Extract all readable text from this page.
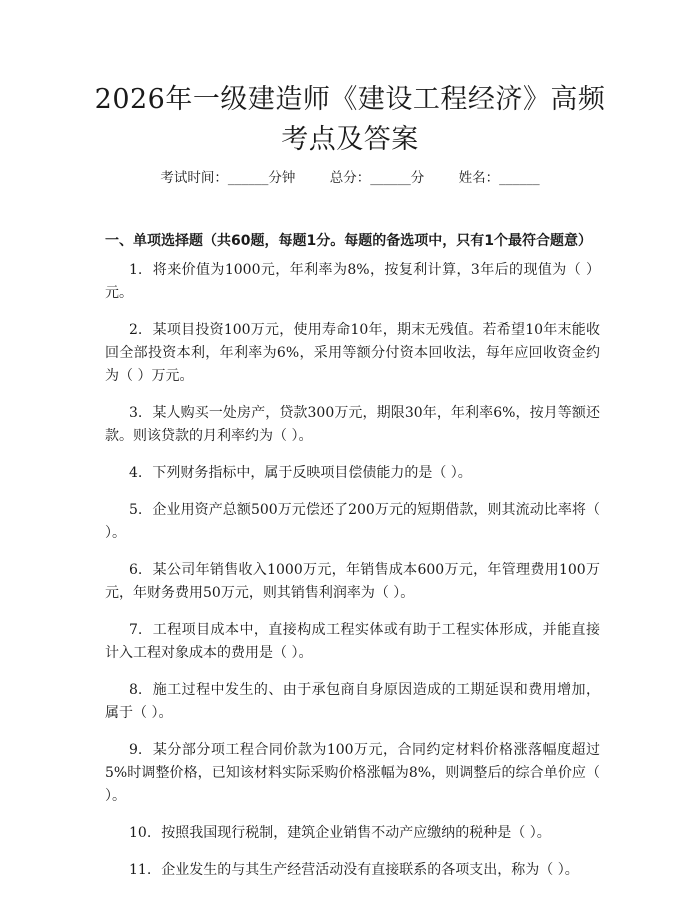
2026年一级建造师《建设工程经济》高频考点及答案
考试时间：______分钟	总分：______分	姓名：______
一、单项选择题（共60题，每题1分。每题的备选项中，只有1个最符合题意）

1. 将来价值为1000元，年利率为8%，按复利计算，3年后的现值为（ ）元。

2. 某项目投资100万元，使用寿命10年，期末无残值。若希望10年末能收回全部投资本利，年利率为6%，采用等额分付资本回收法，每年应回收资金约为（ ）万元。

3. 某人购买一处房产，贷款300万元，期限30年，年利率6%，按月等额还款。则该贷款的月利率约为（ ）。

4. 下列财务指标中，属于反映项目偿债能力的是（ ）。

5. 企业用资产总额500万元偿还了200万元的短期借款，则其流动比率将（ ）。

6. 某公司年销售收入1000万元，年销售成本600万元，年管理费用100万元，年财务费用50万元，则其销售利润率为（ ）。

7. 工程项目成本中，直接构成工程实体或有助于工程实体形成，并能直接计入工程对象成本的费用是（ ）。

8. 施工过程中发生的、由于承包商自身原因造成的工期延误和费用增加，属于（ ）。

9. 某分部分项工程合同价款为100万元，合同约定材料价格涨落幅度超过5%时调整价格，已知该材料实际采购价格涨幅为8%，则调整后的综合单价应（ ）。

10. 按照我国现行税制，建筑企业销售不动产应缴纳的税种是（ ）。

11. 企业发生的与其生产经营活动没有直接联系的各项支出，称为（ ）。
